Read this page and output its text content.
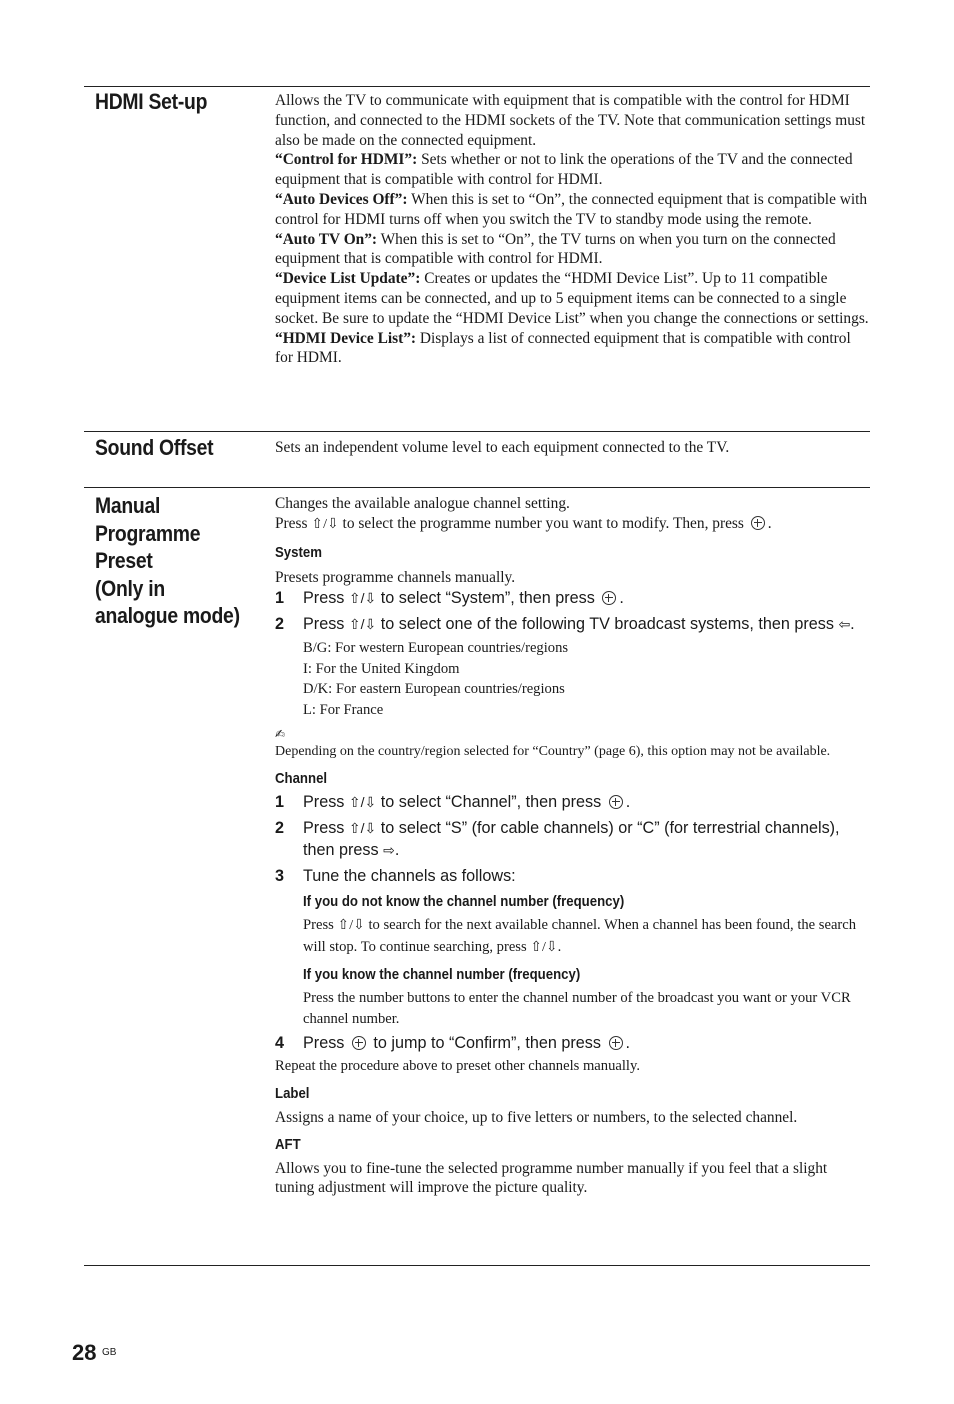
HDMI Set-up	Allows the TV to communicate with equipment that is compatible with the control for HDMI function, and connected to the HDMI sockets of the TV. Note that communication settings must also be made on the connected equipment.

“Control for HDMI”: Sets whether or not to link the operations of the TV and the connected equipment that is compatible with control for HDMI.

“Auto Devices Off”: When this is set to “On”, the connected equipment that is compatible with control for HDMI turns off when you switch the TV to standby mode using the remote.

“Auto TV On”: When this is set to “On”, the TV turns on when you turn on the connected equipment that is compatible with control for HDMI.

“Device List Update”: Creates or updates the “HDMI Device List”. Up to 11 compatible equipment items can be connected, and up to 5 equipment items can be connected to a single socket. Be sure to update the “HDMI Device List” when you change the connections or settings.

“HDMI Device List”: Displays a list of connected equipment that is compatible with control for HDMI.

Sound Offset	Sets an independent volume level to each equipment connected to the TV.

Manual
Programme
Preset
(Only in
analogue mode)

Changes the available analogue channel setting.

Press ⇧/⇩ to select the programme number you want to modify. Then, press .

System

Presets programme channels manually.

1 Press ⇧/⇩ to select “System”, then press .
2 Press ⇧/⇩ to select one of the following TV broadcast systems, then press ⇦.
B/G: For western European countries/regions
I: For the United Kingdom
D/K: For eastern European countries/regions
L: For France
✍

Depending on the country/region selected for “Country” (page 6), this option may not be available.

Channel
1 Press ⇧/⇩ to select “Channel”, then press .
2 Press ⇧/⇩ to select “S” (for cable channels) or “C” (for terrestrial channels), then press ⇨.
3 Tune the channels as follows:
If you do not know the channel number (frequency)

Press ⇧/⇩ to search for the next available channel. When a channel has been found, the search will stop. To continue searching, press ⇧/⇩.

If you know the channel number (frequency)

Press the number buttons to enter the channel number of the broadcast you want or your VCR channel number.

4 Press  to jump to “Confirm”, then press .

Repeat the procedure above to preset other channels manually.

Label

Assigns a name of your choice, up to five letters or numbers, to the selected channel.

AFT

Allows you to fine-tune the selected programme number manually if you feel that a slight tuning adjustment will improve the picture quality.

28 GB
